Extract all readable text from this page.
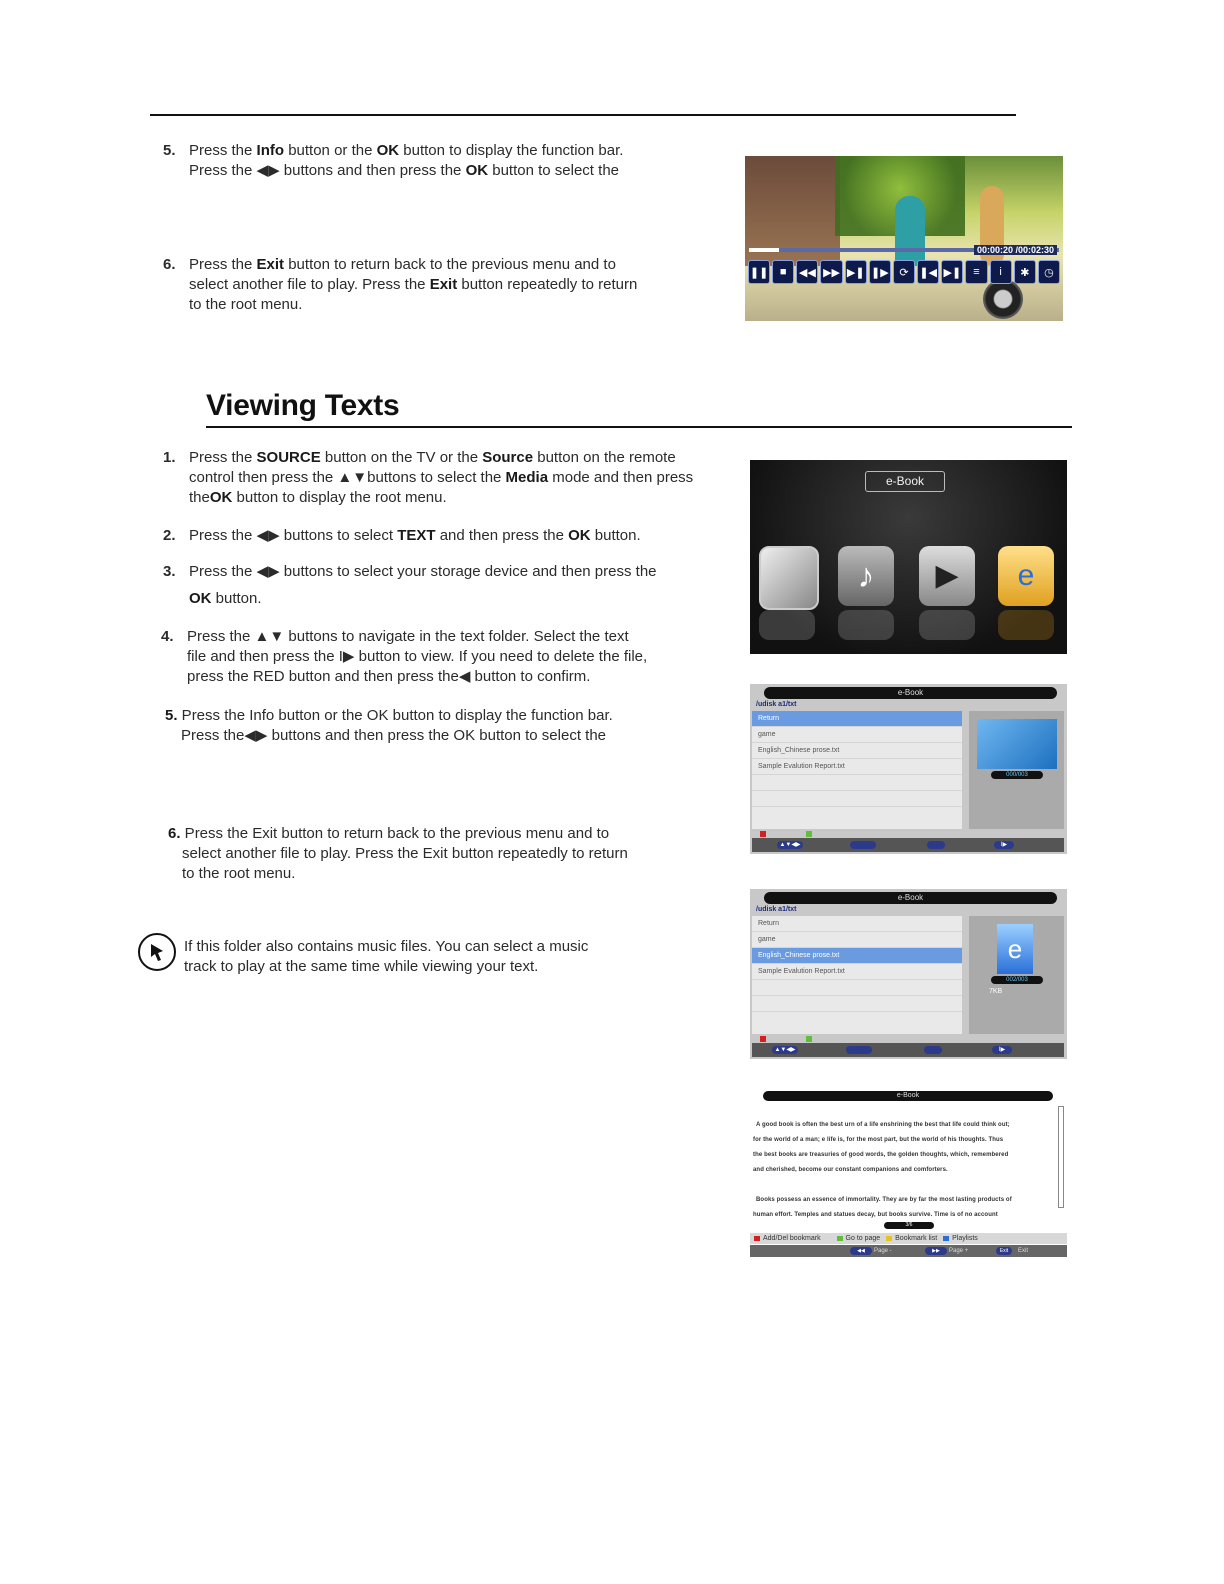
5. Press the Info button or the OK button to display the function bar.
Press the ◀▶ buttons and then press the OK button to select the
6. Press the Exit button to return back to the previous menu and to
select another file to play. Press the Exit button repeatedly to return
to the root menu.
00:00:20 /00:02:30
❚❚	■	◀◀ ▶▶ ▶❚ ❚▶ ⟳ ❚◀ ▶❚	≡	i	✱	◷
Viewing Texts
1. Press the SOURCE button on the TV or the Source button on the remote
control then press the ▲▼buttons to select the Media mode and then press
theOK button to display the root menu.
2. Press the ◀▶ buttons to select TEXT and then press the OK button.
3. Press the ◀▶ buttons to select your storage device and then press the
OK button.
4. Press the ▲▼ buttons to navigate in the text folder. Select the text
file and then press the I▶ button to view. If you need to delete the file,
press the RED button and then press the◀ button to confirm.
5. Press the Info button or the OK button to display the function bar.
Press the◀▶ buttons and then press the OK button to select the
6. Press the Exit button to return back to the previous menu and to
select another file to play. Press the Exit button repeatedly to return
to the root menu.
If this folder also contains music files. You can select a music
track to play at the same time while viewing your text.
e-Book
♪	▶	e
e-Book
/udisk a1/txt
Return
game
English_Chinese prose.txt
Sample Evalution Report.txt
000/003
▲▼◀▶	I▶
e-Book
/udisk a1/txt
Return
game
English_Chinese prose.txt
Sample Evalution Report.txt
e
002/003
7KB
▲▼◀▶	I▶
e-Book

A good book is often the best urn of a life enshrining the best that life could think out;

for the world of a man; e life is, for the most part, but the world of his thoughts. Thus

the best books are treasuries of good words, the golden thoughts, which, remembered

and cherished, become our constant companions and comforters.

Books possess an essence of immortality. They are by far the most lasting products of

human effort. Temples and statues decay, but books survive. Time is of no account

3/6
Add/Del bookmark	Go to page Bookmark list Playlists
◀◀	Page -	▶▶	Page +	Exit	Exit
